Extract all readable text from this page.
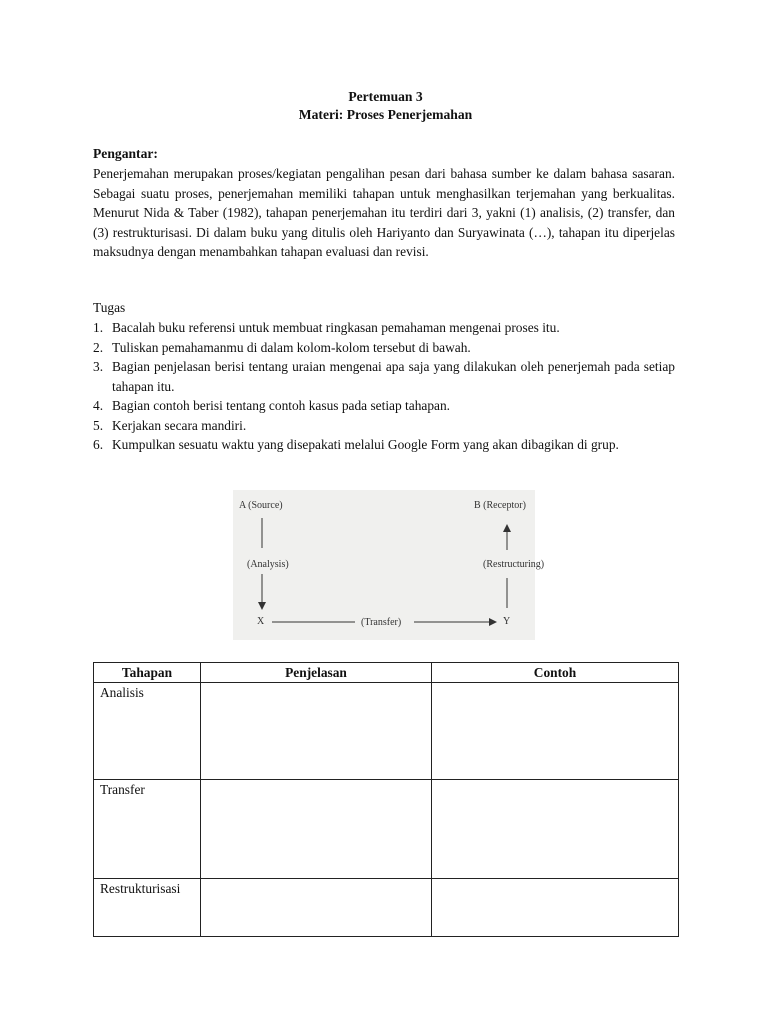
Pertemuan 3
Materi: Proses Penerjemahan
Pengantar:

Penerjemahan merupakan proses/kegiatan pengalihan pesan dari bahasa sumber ke dalam bahasa sasaran. Sebagai suatu proses, penerjemahan memiliki tahapan untuk menghasilkan terjemahan yang berkualitas. Menurut Nida & Taber (1982), tahapan penerjemahan itu terdiri dari 3, yakni (1) analisis, (2) transfer, dan (3) restrukturisasi. Di dalam buku yang ditulis oleh Hariyanto dan Suryawinata (…), tahapan itu diperjelas maksudnya dengan menambahkan tahapan evaluasi dan revisi.

Tugas
1. Bacalah buku referensi untuk membuat ringkasan pemahaman mengenai proses itu.
2. Tuliskan pemahamanmu di dalam kolom-kolom tersebut di bawah.
3. Bagian penjelasan berisi tentang uraian mengenai apa saja yang dilakukan oleh penerjemah pada setiap tahapan itu.
4. Bagian contoh berisi tentang contoh kasus pada setiap tahapan.
5. Kerjakan secara mandiri.
6. Kumpulkan sesuatu waktu yang disepakati melalui Google Form yang akan dibagikan di grup.
A (Source)	B (Receptor)
(Analysis)	(Restructuring)
X	(Transfer)	Y
Tahapan	Penjelasan	Contoh
Analisis		
Transfer		
Restrukturisasi		
